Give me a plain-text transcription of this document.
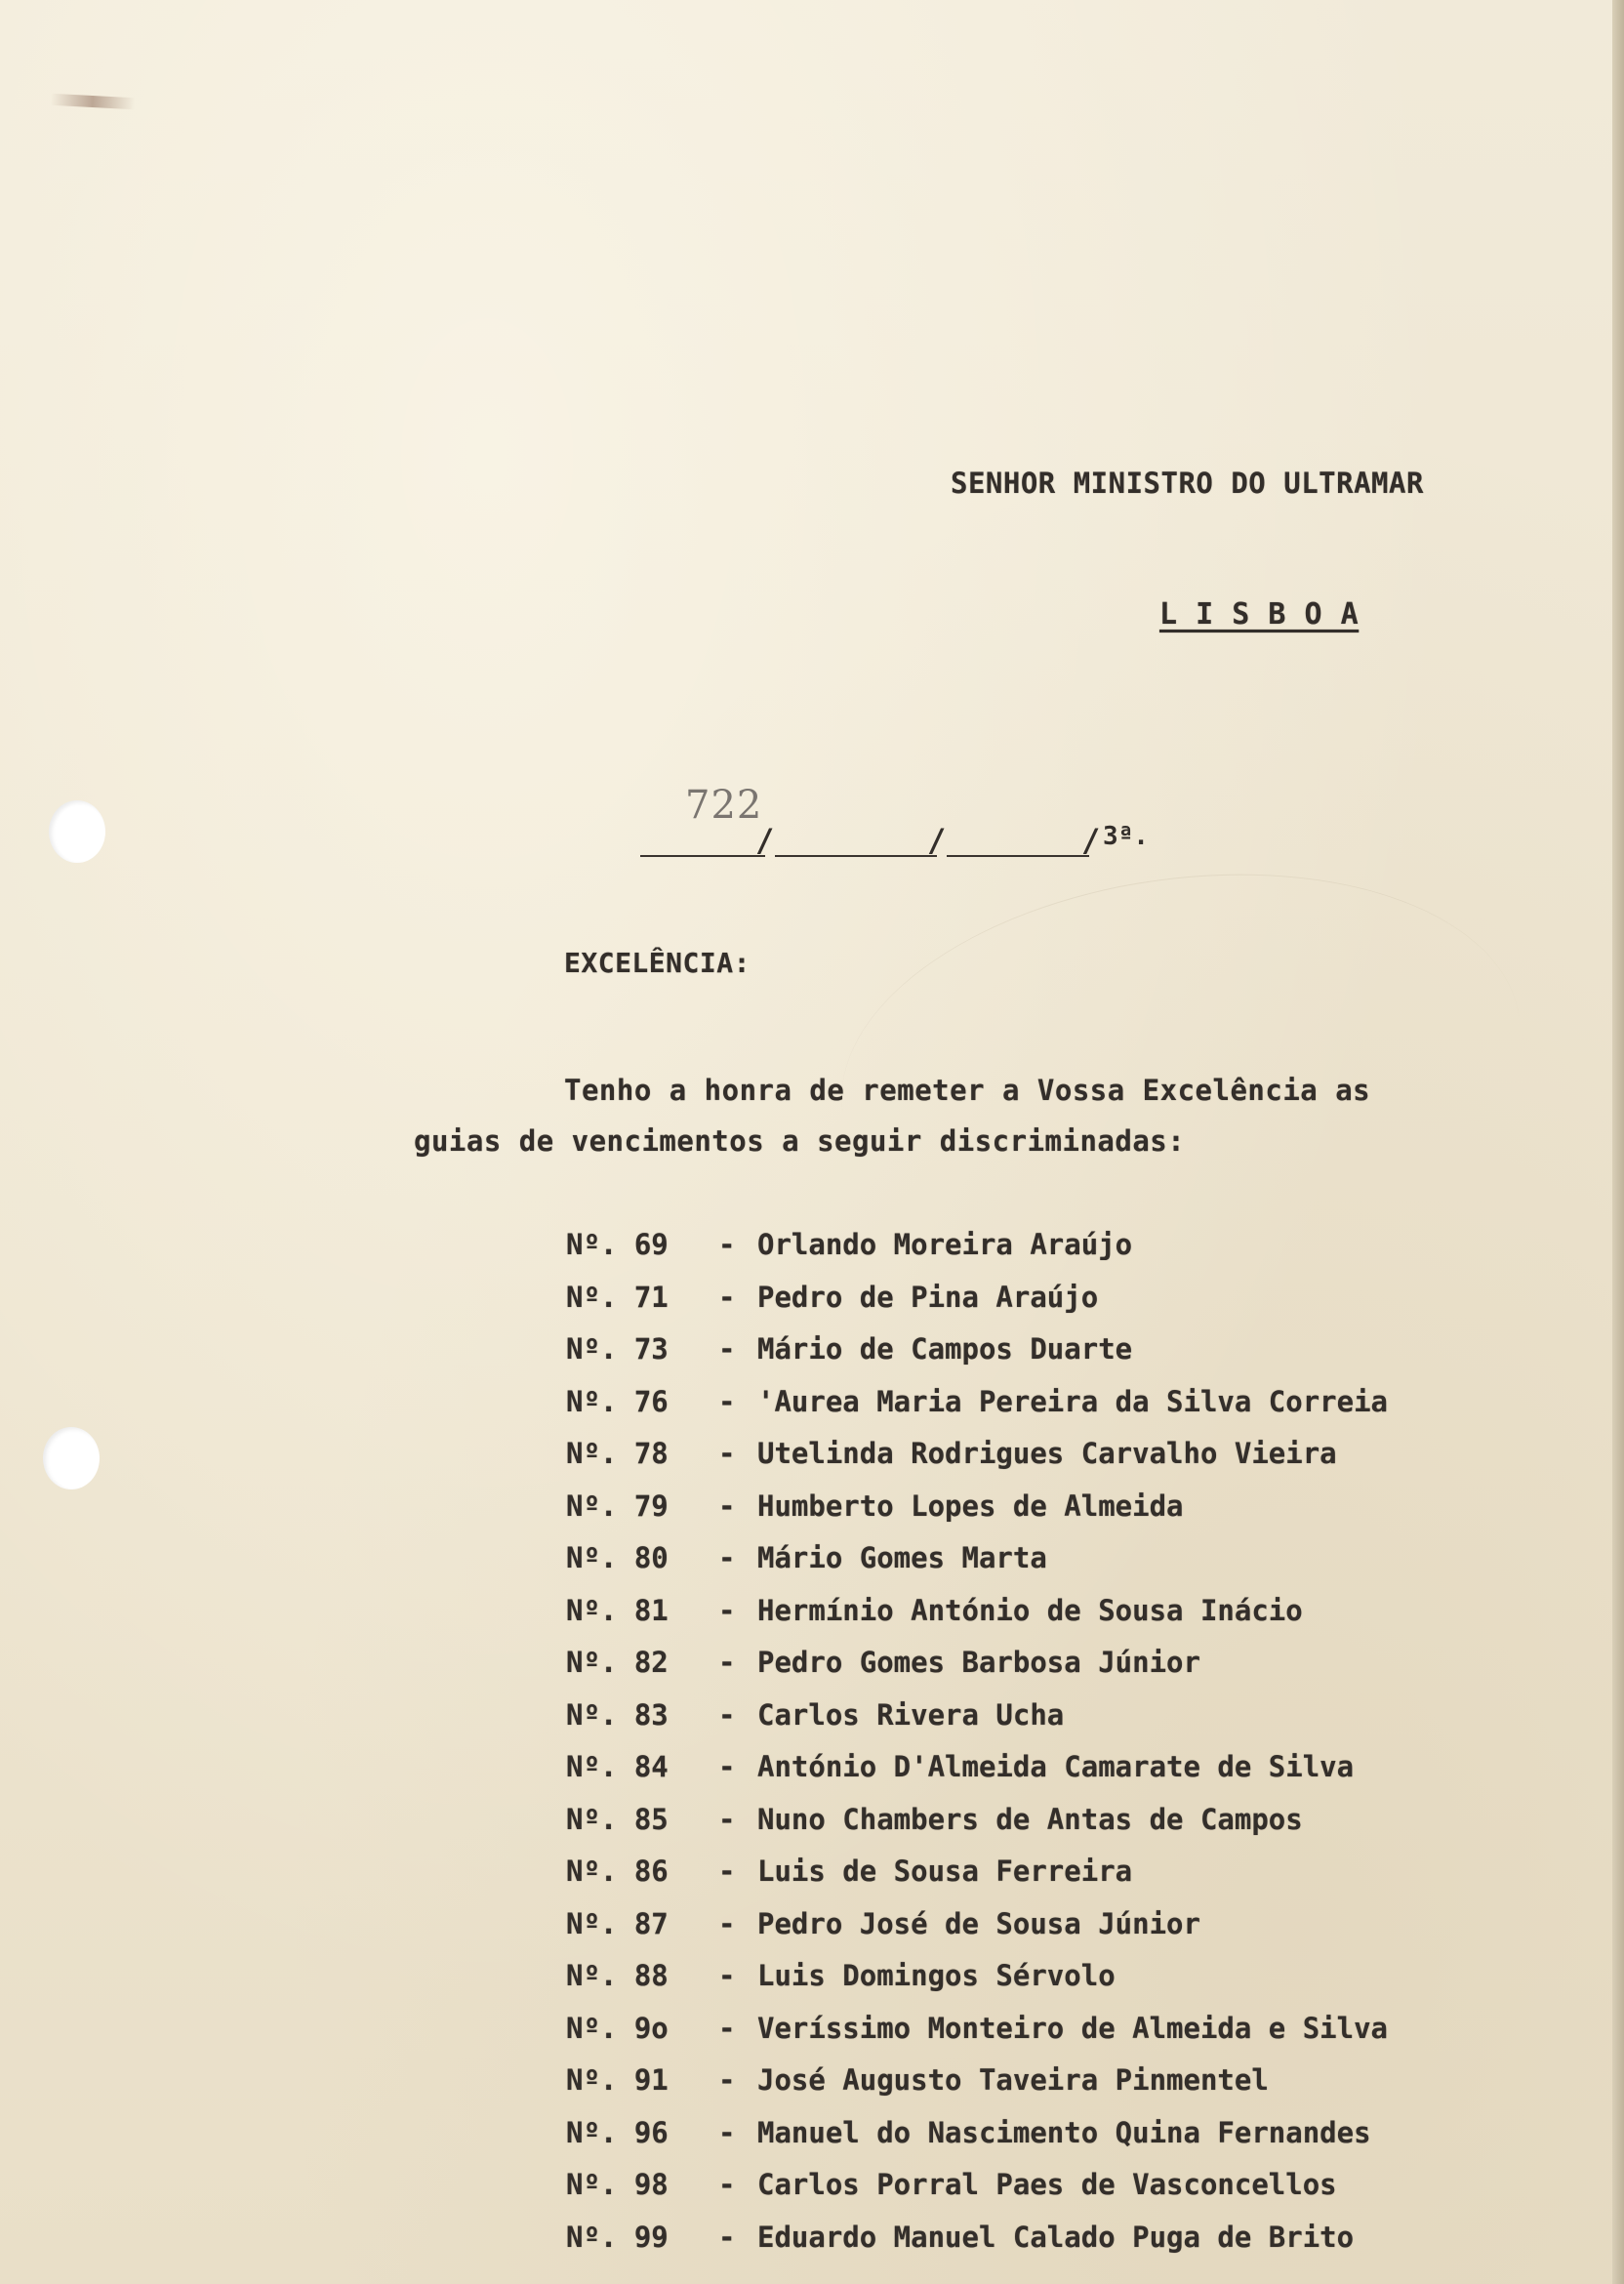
SENHOR MINISTRO DO ULTRAMAR
L I S B O A
722
/	/	/ 3ª.
EXCELÊNCIA:
Tenho a honra de remeter a Vossa Excelência as
guias de vencimentos a seguir discriminadas:
Nº. 69	- Orlando Moreira Araújo
Nº. 71	- Pedro de Pina Araújo
Nº. 73	- Mário de Campos Duarte
Nº. 76	- 'Aurea Maria Pereira da Silva Correia
Nº. 78	- Utelinda Rodrigues Carvalho Vieira
Nº. 79	- Humberto Lopes de Almeida
Nº. 80	- Mário Gomes Marta
Nº. 81	- Hermínio António de Sousa Inácio
Nº. 82	- Pedro Gomes Barbosa Júnior
Nº. 83	- Carlos Rivera Ucha
Nº. 84	- António D'Almeida Camarate de Silva
Nº. 85	- Nuno Chambers de Antas de Campos
Nº. 86	- Luis de Sousa Ferreira
Nº. 87	- Pedro José de Sousa Júnior
Nº. 88	- Luis Domingos Sérvolo
Nº. 9o	- Veríssimo Monteiro de Almeida e Silva
Nº. 91	- José Augusto Taveira Pinmentel
Nº. 96	- Manuel do Nascimento Quina Fernandes
Nº. 98	- Carlos Porral Paes de Vasconcellos
Nº. 99	- Eduardo Manuel Calado Puga de Brito
